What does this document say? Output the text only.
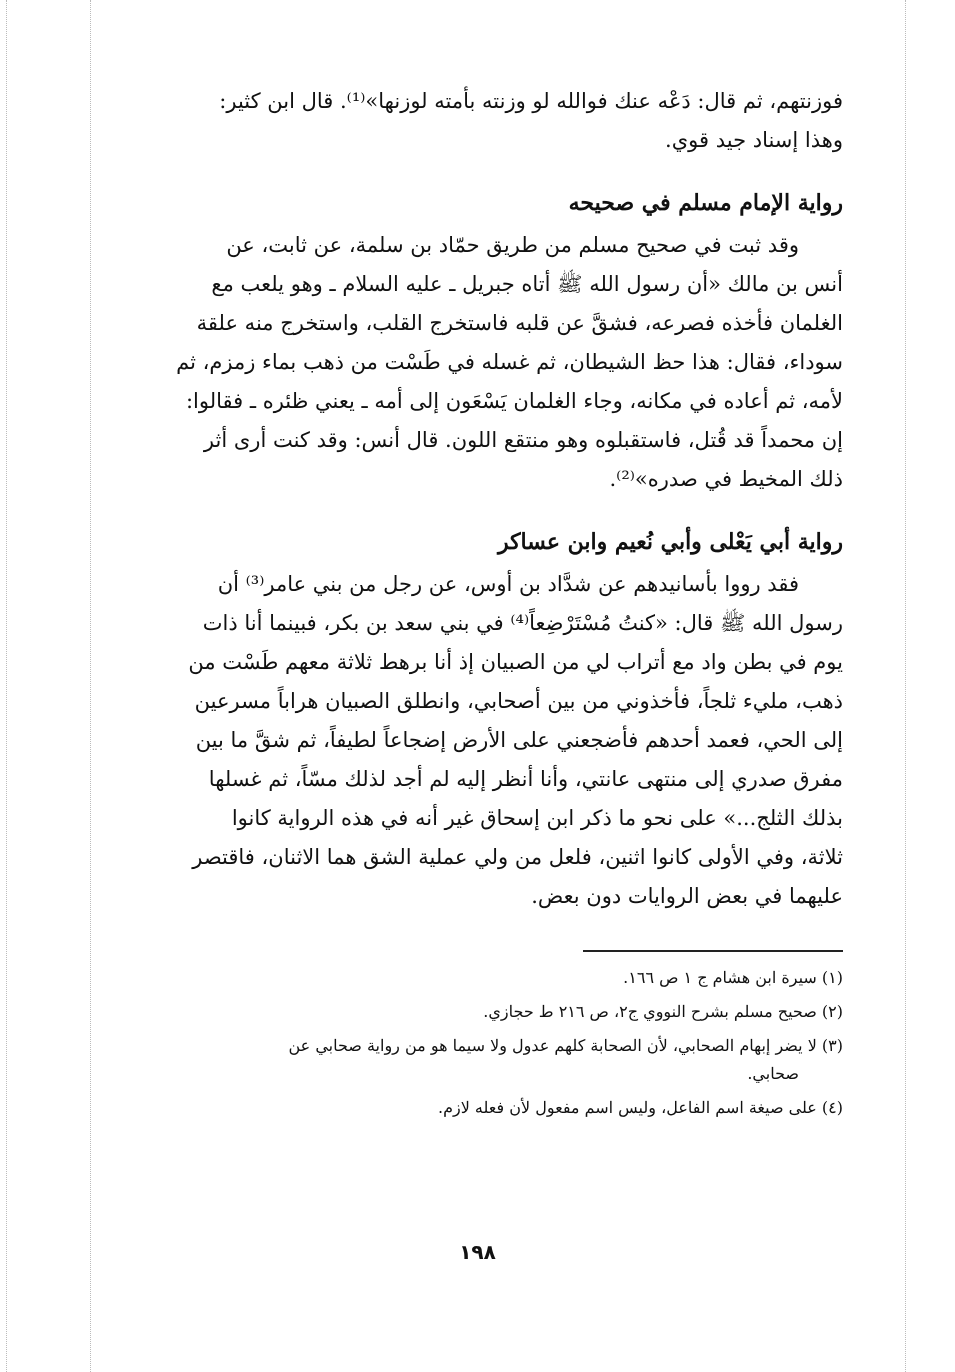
فوزنتهم، ثم قال: دَعْه عنك فوالله لو وزنته بأمته لوزنها»⁽¹⁾. قال ابن كثير:

وهذا إسناد جيد قوي.

رواية الإمام مسلم في صحيحه

وقد ثبت في صحيح مسلم من طريق حمّاد بن سلمة، عن ثابت، عن

أنس بن مالك «أن رسول الله ﷺ أتاه جبريل ـ عليه السلام ـ وهو يلعب مع

الغلمان فأخذه فصرعه، فشقَّ عن قلبه فاستخرج القلب، واستخرج منه علقة

سوداء، فقال: هذا حظ الشيطان، ثم غسله في طَسْت من ذهب بماء زمزم، ثم

لأمه، ثم أعاده في مكانه، وجاء الغلمان يَسْعَون إلى أمه ـ يعني ظئره ـ فقالوا:

إن محمداً قد قُتل، فاستقبلوه وهو منتقع اللون. قال أنس: وقد كنت أرى أثر

ذلك المخيط في صدره»⁽²⁾.

رواية أبي يَعْلى وأبي نُعيم وابن عساكر

فقد رووا بأسانيدهم عن شدَّاد بن أوس، عن رجل من بني عامر⁽³⁾ أن

رسول الله ﷺ قال: «كنتُ مُسْتَرْضِعاً⁽⁴⁾ في بني سعد بن بكر، فبينما أنا ذات

يوم في بطن واد مع أتراب لي من الصبيان إذ أنا برهط ثلاثة معهم طَسْت من

ذهب، مليء ثلجاً، فأخذوني من بين أصحابي، وانطلق الصبيان هراباً مسرعين

إلى الحي، فعمد أحدهم فأضجعني على الأرض إضجاعاً لطيفاً، ثم شقَّ ما بين

مفرق صدري إلى منتهى عانتي، وأنا أنظر إليه لم أجد لذلك مسّاً، ثم غسلها

بذلك الثلج...» على نحو ما ذكر ابن إسحاق غير أنه في هذه الرواية كانوا

ثلاثة، وفي الأولى كانوا اثنين، فلعل من ولي عملية الشق هما الاثنان، فاقتصر

عليهما في بعض الروايات دون بعض.

(١) سيرة ابن هشام ج ١ ص ١٦٦.

(٢) صحيح مسلم بشرح النووي ج٢، ص ٢١٦ ط حجازي.

(٣) لا يضر إبهام الصحابي، لأن الصحابة كلهم عدول ولا سيما هو من رواية صحابي عن

صحابي.

(٤) على صيغة اسم الفاعل، وليس اسم مفعول لأن فعله لازم.

١٩٨
